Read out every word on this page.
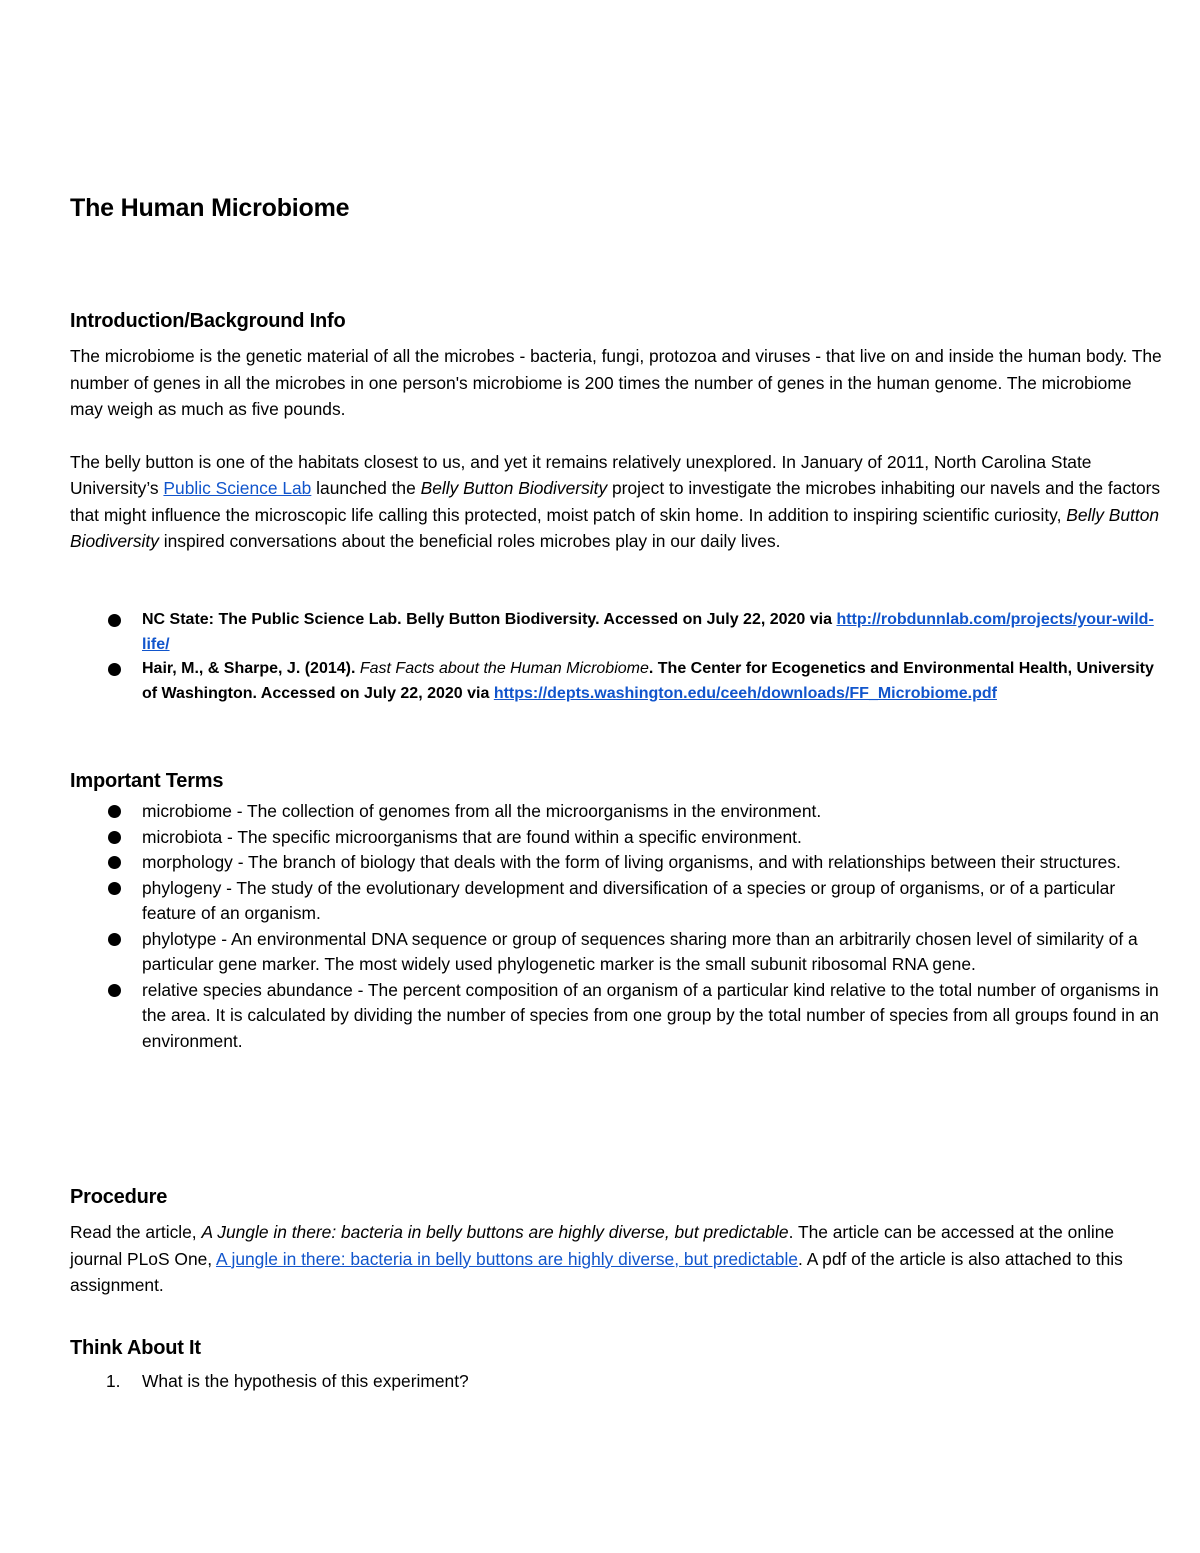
The Human Microbiome
Introduction/Background Info

The microbiome is the genetic material of all the microbes - bacteria, fungi, protozoa and viruses - that live on and inside the human body. The number of genes in all the microbes in one person's microbiome is 200 times the number of genes in the human genome. The microbiome may weigh as much as five pounds.

The belly button is one of the habitats closest to us, and yet it remains relatively unexplored. In January of 2011, North Carolina State University’s Public Science Lab launched the Belly Button Biodiversity project to investigate the microbes inhabiting our navels and the factors that might influence the microscopic life calling this protected, moist patch of skin home. In addition to inspiring scientific curiosity, Belly Button Biodiversity inspired conversations about the beneficial roles microbes play in our daily lives.

NC State: The Public Science Lab. Belly Button Biodiversity. Accessed on July 22, 2020 via http://robdunnlab.com/projects/your-wild-life/
Hair, M., & Sharpe, J. (2014). Fast Facts about the Human Microbiome. The Center for Ecogenetics and Environmental Health, University of Washington. Accessed on July 22, 2020 via https://depts.washington.edu/ceeh/downloads/FF_Microbiome.pdf
Important Terms
microbiome - The collection of genomes from all the microorganisms in the environment.
microbiota - The specific microorganisms that are found within a specific environment.
morphology - The branch of biology that deals with the form of living organisms, and with relationships between their structures.
phylogeny - The study of the evolutionary development and diversification of a species or group of organisms, or of a particular feature of an organism.
phylotype - An environmental DNA sequence or group of sequences sharing more than an arbitrarily chosen level of similarity of a particular gene marker. The most widely used phylogenetic marker is the small subunit ribosomal RNA gene.
relative species abundance - The percent composition of an organism of a particular kind relative to the total number of organisms in the area. It is calculated by dividing the number of species from one group by the total number of species from all groups found in an environment.
Procedure

Read the article, A Jungle in there: bacteria in belly buttons are highly diverse, but predictable. The article can be accessed at the online journal PLoS One, A jungle in there: bacteria in belly buttons are highly diverse, but predictable. A pdf of the article is also attached to this assignment.

Think About It
1. What is the hypothesis of this experiment?
